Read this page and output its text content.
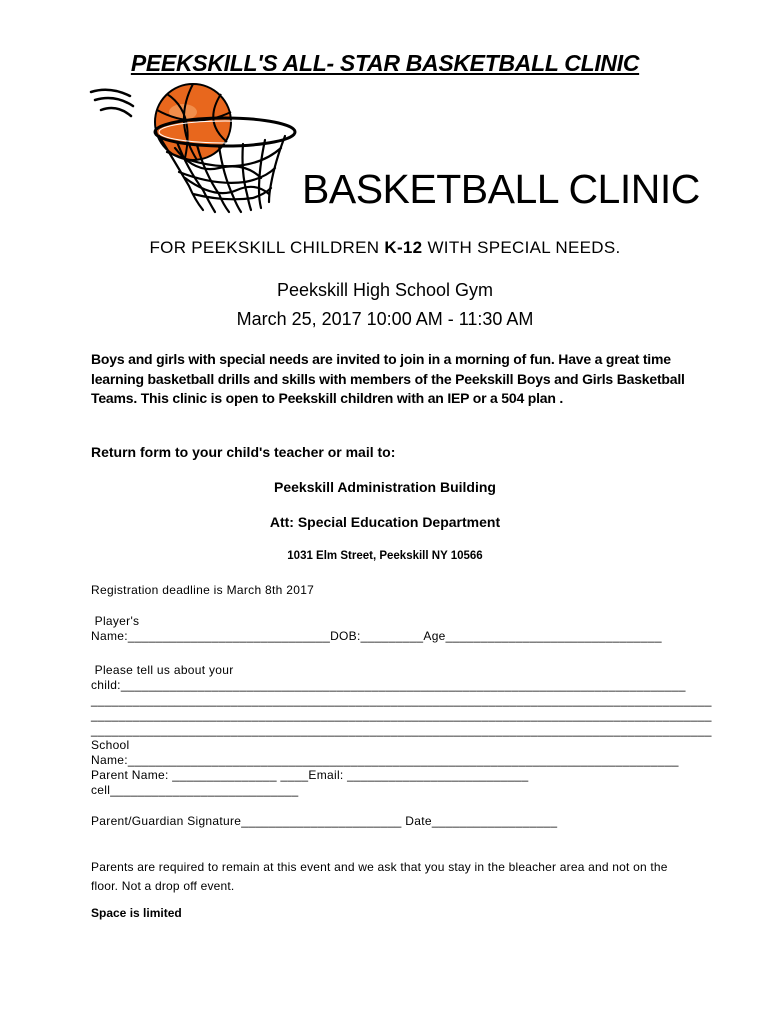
PEEKSKILL'S ALL- STAR BASKETBALL CLINIC
BASKETBALL CLINIC
FOR PEEKSKILL CHILDREN K-12 WITH SPECIAL NEEDS.
Peekskill High School Gym
March 25, 2017 10:00 AM - 11:30 AM
Boys and girls with special needs are invited to join in a morning of fun. Have a great time learning basketball drills and skills with members of the Peekskill Boys and Girls Basketball Teams. This clinic is open to Peekskill children with an IEP or a 504 plan .
Return form to your child's teacher or mail to:
Peekskill Administration Building
Att: Special Education Department
1031 Elm Street, Peekskill NY 10566
Registration deadline is March 8th 2017
Player's
Name:_____________________________DOB:_________Age_______________________________
Please tell us about your
child:_________________________________________________________________________________
_________________________________________________________________________________________
_________________________________________________________________________________________
_________________________________________________________________________________________
School
Name:_______________________________________________________________________________
Parent Name: _______________ ____Email: __________________________
cell___________________________
Parent/Guardian Signature_______________________ Date__________________
Parents are required to remain at this event and we ask that you stay in the bleacher area and not on the floor. Not a drop off event.
Space is limited
